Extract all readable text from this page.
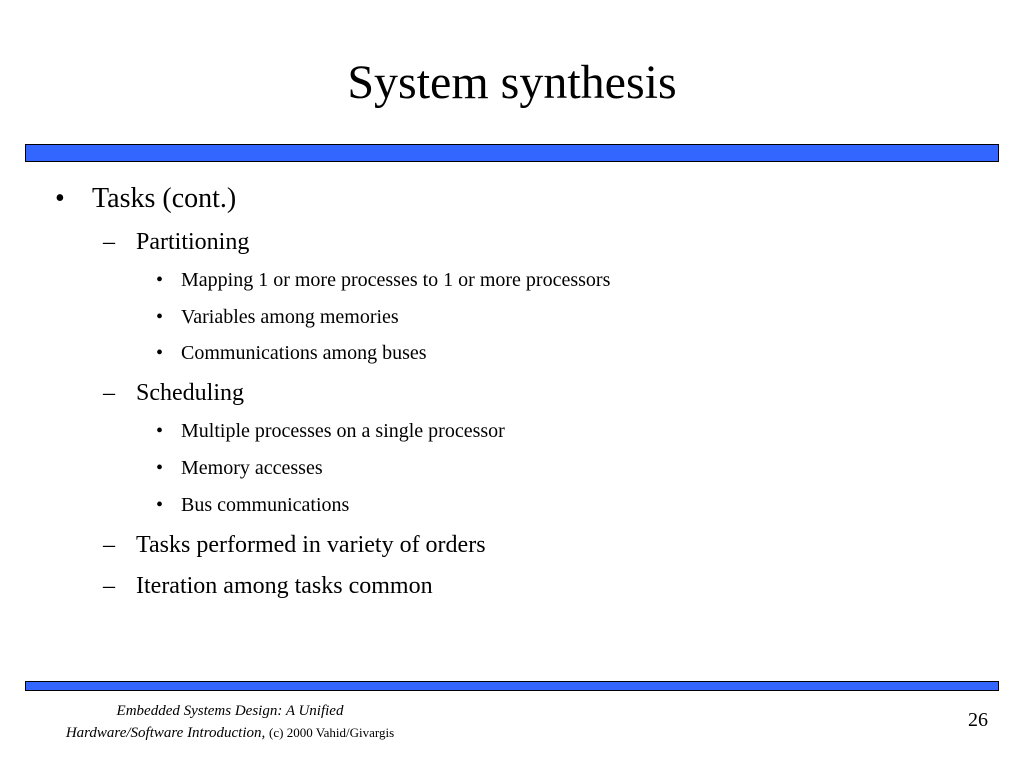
System synthesis
• Tasks (cont.)
– Partitioning
• Mapping 1 or more processes to 1 or more processors
• Variables among memories
• Communications among buses
– Scheduling
• Multiple processes on a single processor
• Memory accesses
• Bus communications
– Tasks performed in variety of orders
– Iteration among tasks common
Embedded Systems Design: A Unified
Hardware/Software Introduction, (c) 2000 Vahid/Givargis
26
